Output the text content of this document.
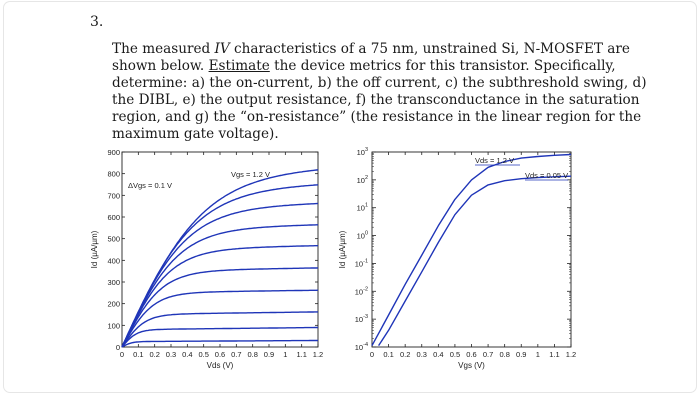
3.
The measured IV characteristics of a 75 nm, unstrained Si, N-MOSFET are shown below. Estimate the device metrics for this transistor. Specifically, determine: a) the on-current, b) the off current, c) the subthreshold swing, d) the DIBL, e) the output resistance, f) the transconductance in the saturation region, and g) the “on-resistance” (the resistance in the linear region for the maximum gate voltage).
0 0.1 0.2 0.3 0.4 0.5 0.6 0.7 0.8 0.9 1 1.1 1.2
0
100
200
300
400
500
600
700
800
900
Vds (V)
Id (µA/µm)
Vgs = 1.2 V
ΔVgs = 0.1 V
0 0.1 0.2 0.3 0.4 0.5 0.6 0.7 0.8 0.9 1 1.1 1.2
$10^3$
$10^2$
$10^1$
$10^0$
$10^{-1}$
$10^{-2}$
$10^{-3}$
$10^{-4}$
Vgs (V)
Id (µA/µm)
Vds = 1.2 V
Vds = 0.05 V
